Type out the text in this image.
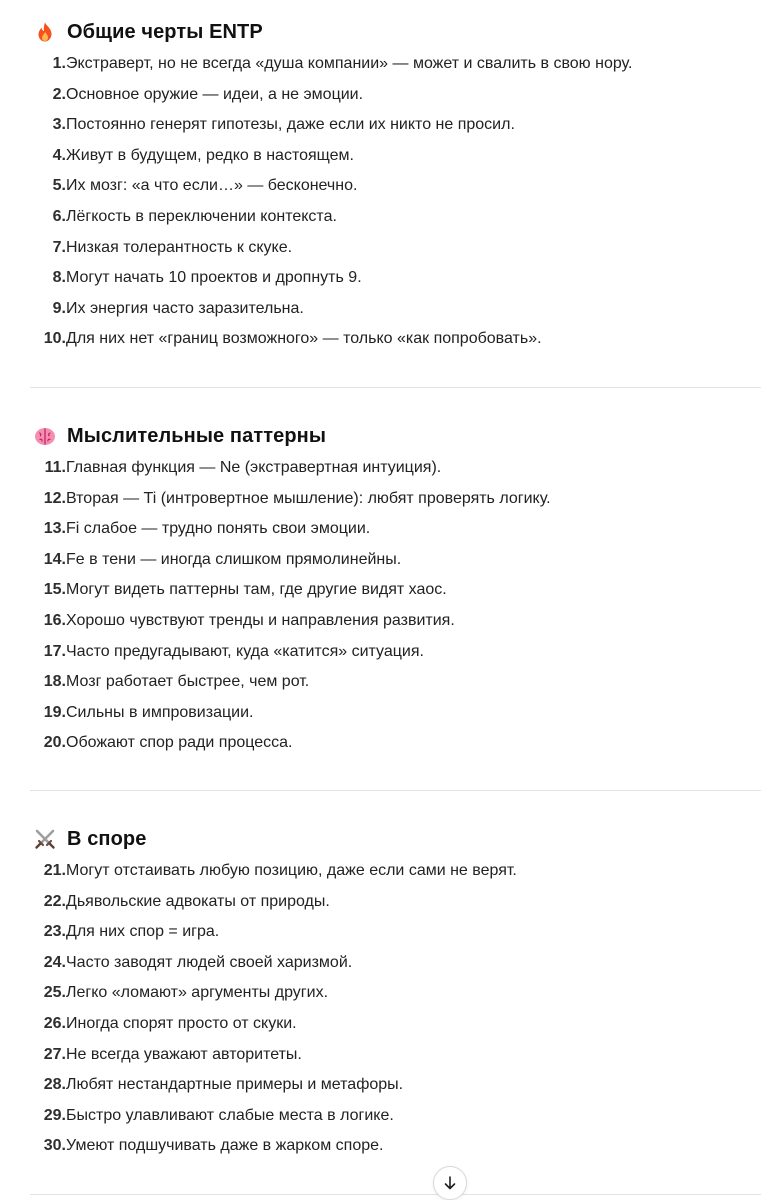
Общие черты ENTP
1. Экстраверт, но не всегда «душа компании» — может и свалить в свою нору.
2. Основное оружие — идеи, а не эмоции.
3. Постоянно генерят гипотезы, даже если их никто не просил.
4. Живут в будущем, редко в настоящем.
5. Их мозг: «а что если…» — бесконечно.
6. Лёгкость в переключении контекста.
7. Низкая толерантность к скуке.
8. Могут начать 10 проектов и дропнуть 9.
9. Их энергия часто заразительна.
10. Для них нет «границ возможного» — только «как попробовать».
Мыслительные паттерны
11. Главная функция — Ne (экстравертная интуиция).
12. Вторая — Ti (интровертное мышление): любят проверять логику.
13. Fi слабое — трудно понять свои эмоции.
14. Fe в тени — иногда слишком прямолинейны.
15. Могут видеть паттерны там, где другие видят хаос.
16. Хорошо чувствуют тренды и направления развития.
17. Часто предугадывают, куда «катится» ситуация.
18. Мозг работает быстрее, чем рот.
19. Сильны в импровизации.
20. Обожают спор ради процесса.
В споре
21. Могут отстаивать любую позицию, даже если сами не верят.
22. Дьявольские адвокаты от природы.
23. Для них спор = игра.
24. Часто заводят людей своей харизмой.
25. Легко «ломают» аргументы других.
26. Иногда спорят просто от скуки.
27. Не всегда уважают авторитеты.
28. Любят нестандартные примеры и метафоры.
29. Быстро улавливают слабые места в логике.
30. Умеют подшучивать даже в жарком споре.
